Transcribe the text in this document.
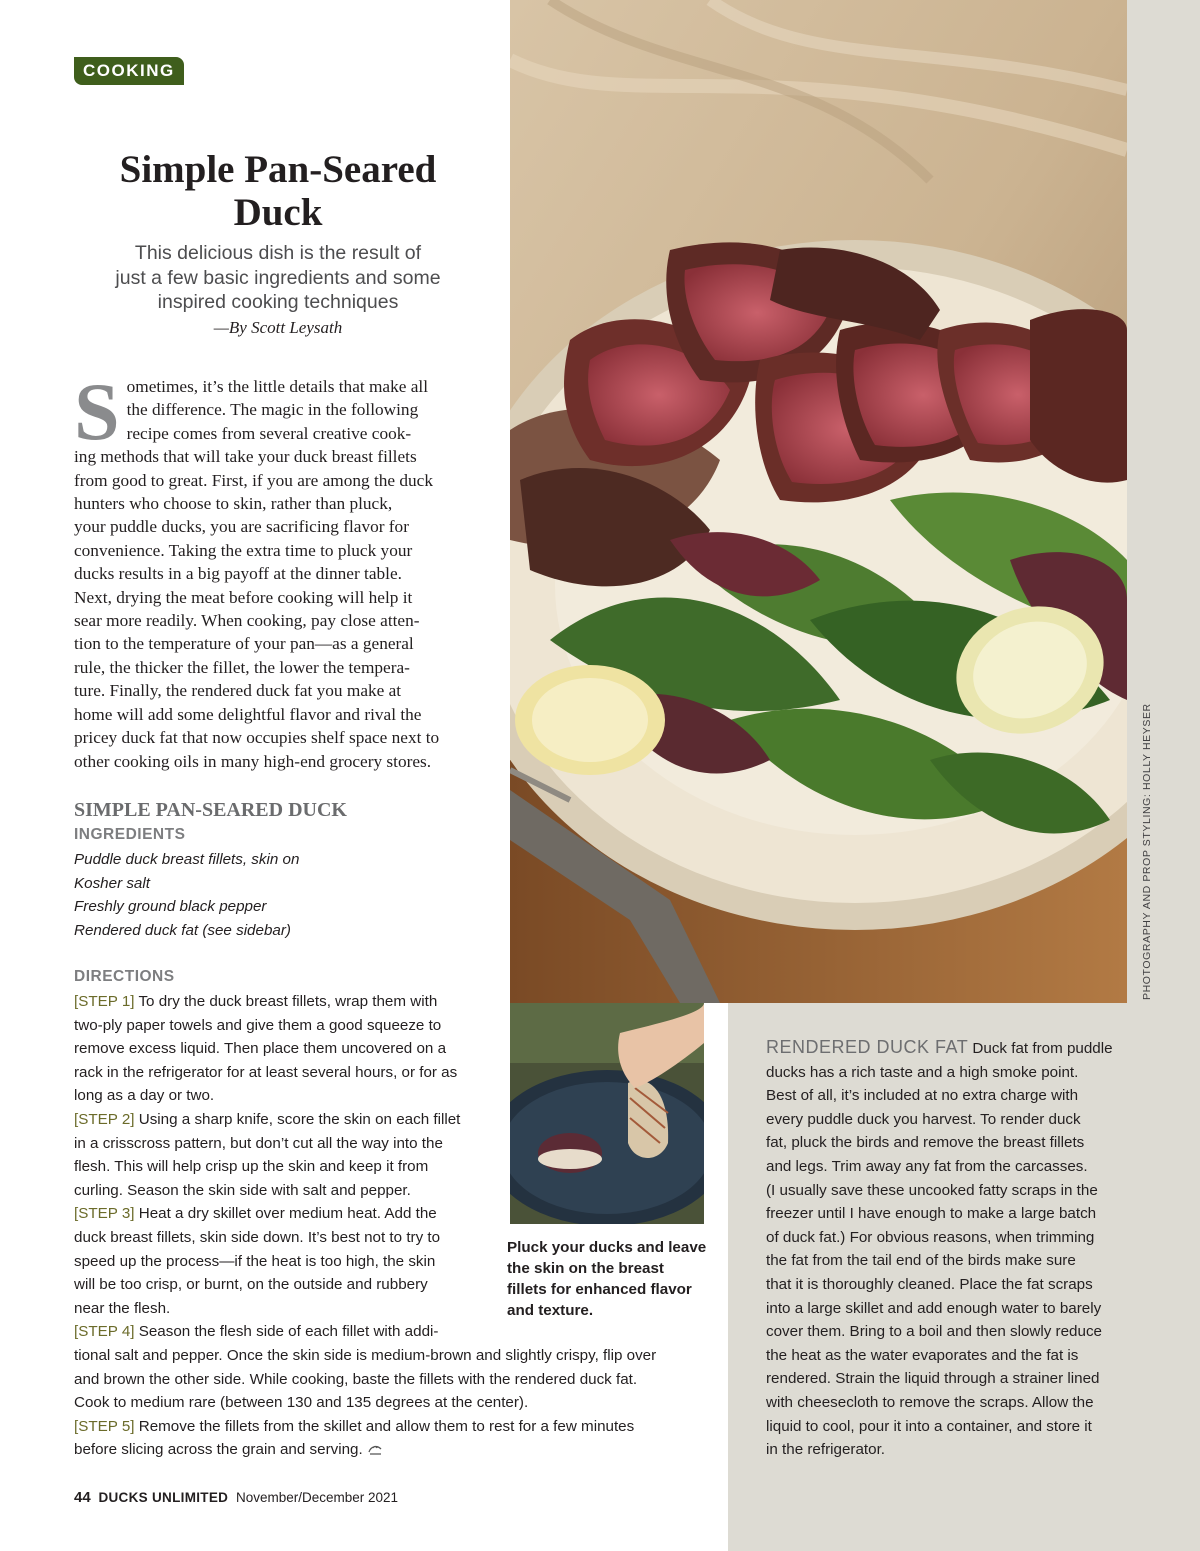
COOKING
Simple Pan-Seared
Duck
This delicious dish is the result of
just a few basic ingredients and some
inspired cooking techniques
—By Scott Leysath
S ometimes, it’s the little details that make all
the difference. The magic in the following
recipe comes from several creative cook-
ing methods that will take your duck breast fillets
from good to great. First, if you are among the duck
hunters who choose to skin, rather than pluck,
your puddle ducks, you are sacrificing flavor for
convenience. Taking the extra time to pluck your
ducks results in a big payoff at the dinner table.
Next, drying the meat before cooking will help it
sear more readily. When cooking, pay close atten-
tion to the temperature of your pan—as a general
rule, the thicker the fillet, the lower the tempera-
ture. Finally, the rendered duck fat you make at
home will add some delightful flavor and rival the
pricey duck fat that now occupies shelf space next to
other cooking oils in many high-end grocery stores.
SIMPLE PAN-SEARED DUCK
INGREDIENTS
Puddle duck breast fillets, skin on
Kosher salt
Freshly ground black pepper
Rendered duck fat (see sidebar)
DIRECTIONS
[STEP 1] To dry the duck breast fillets, wrap them with
two-ply paper towels and give them a good squeeze to
remove excess liquid. Then place them uncovered on a
rack in the refrigerator for at least several hours, or for as
long as a day or two.
[STEP 2] Using a sharp knife, score the skin on each fillet
in a crisscross pattern, but don’t cut all the way into the
flesh. This will help crisp up the skin and keep it from
curling. Season the skin side with salt and pepper.
[STEP 3] Heat a dry skillet over medium heat. Add the
duck breast fillets, skin side down. It’s best not to try to
speed up the process—if the heat is too high, the skin
will be too crisp, or burnt, on the outside and rubbery
near the flesh.
[STEP 4] Season the flesh side of each fillet with addi-
tional salt and pepper. Once the skin side is medium-brown and slightly crispy, flip over
and brown the other side. While cooking, baste the fillets with the rendered duck fat.
Cook to medium rare (between 130 and 135 degrees at the center).
[STEP 5] Remove the fillets from the skillet and allow them to rest for a few minutes
before slicing across the grain and serving.
Pluck your ducks and leave
the skin on the breast
fillets for enhanced flavor
and texture.
PHOTOGRAPHY AND PROP STYLING: HOLLY HEYSER
RENDERED DUCK FAT Duck fat from puddle
ducks has a rich taste and a high smoke point.
Best of all, it’s included at no extra charge with
every puddle duck you harvest. To render duck
fat, pluck the birds and remove the breast fillets
and legs. Trim away any fat from the carcasses.
(I usually save these uncooked fatty scraps in the
freezer until I have enough to make a large batch
of duck fat.) For obvious reasons, when trimming
the fat from the tail end of the birds make sure
that it is thoroughly cleaned. Place the fat scraps
into a large skillet and add enough water to barely
cover them. Bring to a boil and then slowly reduce
the heat as the water evaporates and the fat is
rendered. Strain the liquid through a strainer lined
with cheesecloth to remove the scraps. Allow the
liquid to cool, pour it into a container, and store it
in the refrigerator.
44 DUCKS UNLIMITED November/December 2021
